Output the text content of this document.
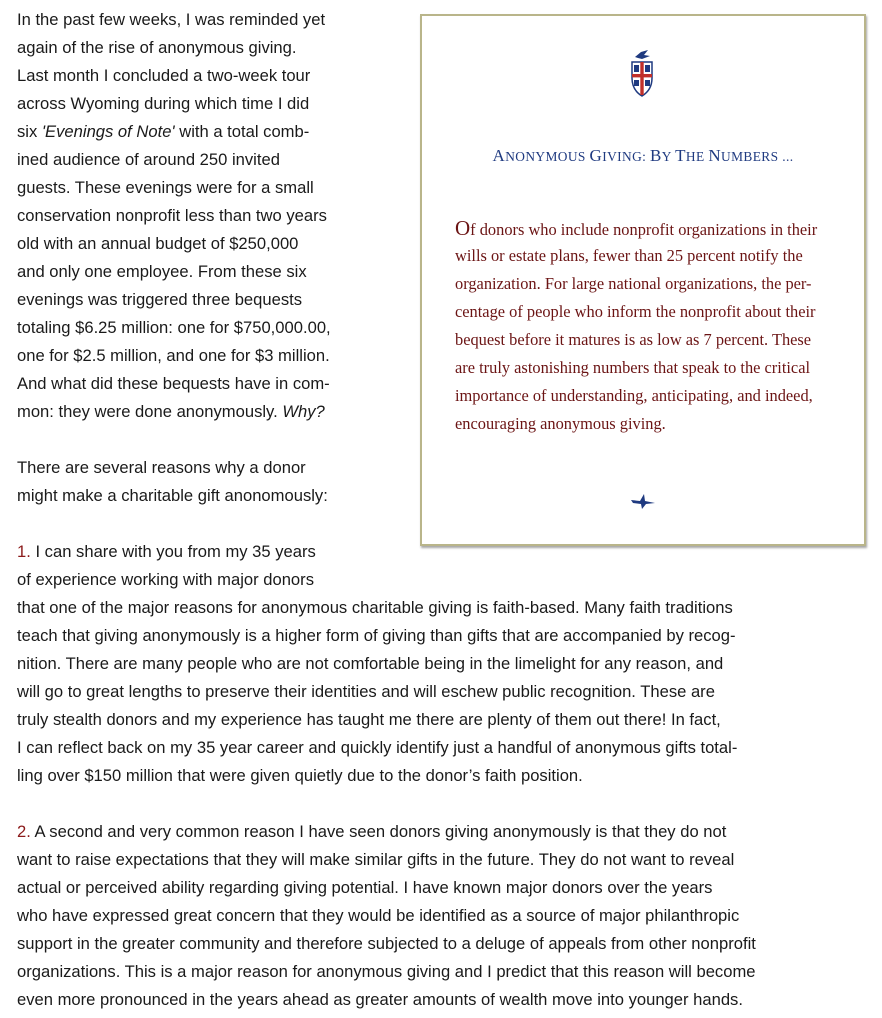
In the past few weeks, I was reminded yet
again of the rise of anonymous giving.
Last month I concluded a two-week tour
across Wyoming during which time I did
six 'Evenings of Note' with a total comb-
ined audience of around 250 invited
guests. These evenings were for a small
conservation nonprofit less than two years
old with an annual budget of $250,000
and only one employee. From these six
evenings was triggered three bequests
totaling $6.25 million: one for $750,000.00,
one for $2.5 million, and one for $3 million.
And what did these bequests have in com-
mon: they were done anonymously. Why?
There are several reasons why a donor
might make a charitable gift anonomously:
1. I can share with you from my 35 years
of experience working with major donors
that one of the major reasons for anonymous charitable giving is faith-based. Many faith traditions
teach that giving anonymously is a higher form of giving than gifts that are accompanied by recog-
nition. There are many people who are not comfortable being in the limelight for any reason, and
will go to great lengths to preserve their identities and will eschew public recognition. These are
truly stealth donors and my experience has taught me there are plenty of them out there! In fact,
I can reflect back on my 35 year career and quickly identify just a handful of anonymous gifts total-
ling over $150 million that were given quietly due to the donor’s faith position.
2. A second and very common reason I have seen donors giving anonymously is that they do not
want to raise expectations that they will make similar gifts in the future. They do not want to reveal
actual or perceived ability regarding giving potential. I have known major donors over the years
who have expressed great concern that they would be identified as a source of major philanthropic
support in the greater community and therefore subjected to a deluge of appeals from other nonprofit
organizations. This is a major reason for anonymous giving and I predict that this reason will become
even more pronounced in the years ahead as greater amounts of wealth move into younger hands.
ANONYMOUS GIVING: BY THE NUMBERS ...
Of donors who include nonprofit organizations in their
wills or estate plans, fewer than 25 percent notify the
organization. For large national organizations, the per-
centage of people who inform the nonprofit about their
bequest before it matures is as low as 7 percent. These
are truly astonishing numbers that speak to the critical
importance of understanding, anticipating, and indeed,
encouraging anonymous giving.
